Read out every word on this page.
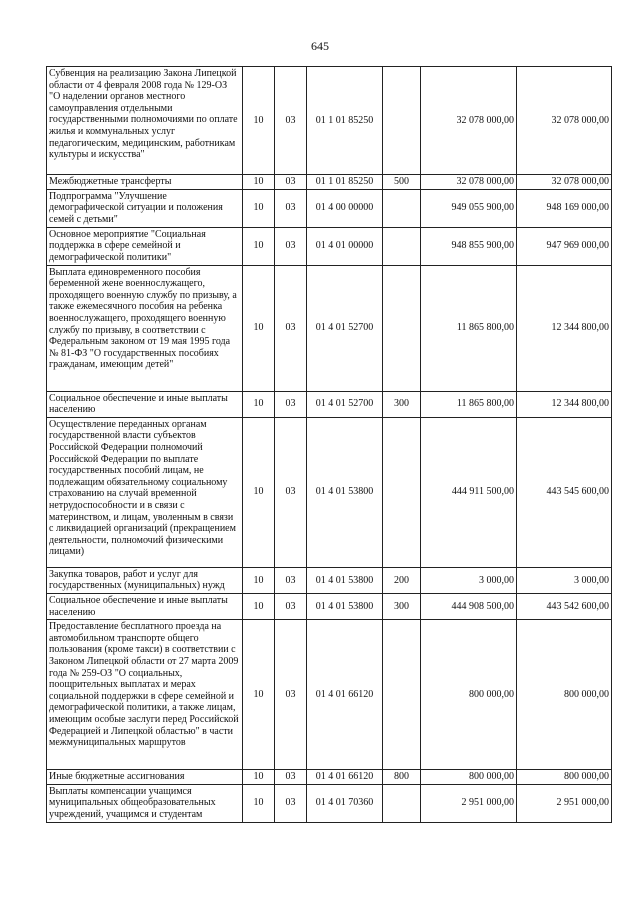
645
Субвенция на реализацию Закона Липецкой области от 4 февраля 2008 года № 129-ОЗ "О наделении органов местного самоуправления отдельными государственными полномочиями по оплате жилья и коммунальных услуг педагогическим, медицинским, работникам культуры и искусства"	10	03	01 1 01 85250		32 078 000,00	32 078 000,00
Межбюджетные трансферты	10	03	01 1 01 85250	500	32 078 000,00	32 078 000,00
Подпрограмма "Улучшение демографической ситуации и положения семей с детьми"	10	03	01 4 00 00000		949 055 900,00	948 169 000,00
Основное мероприятие "Социальная поддержка в сфере семейной и демографической политики"	10	03	01 4 01 00000		948 855 900,00	947 969 000,00
Выплата единовременного пособия беременной жене военнослужащего, проходящего военную службу по призыву, а также ежемесячного пособия на ребенка военнослужащего, проходящего военную службу по призыву, в соответствии с Федеральным законом от 19 мая 1995 года № 81-ФЗ "О государственных пособиях гражданам, имеющим детей"	10	03	01 4 01 52700		11 865 800,00	12 344 800,00
Социальное обеспечение и иные выплаты населению	10	03	01 4 01 52700	300	11 865 800,00	12 344 800,00
Осуществление переданных органам государственной власти субъектов Российской Федерации полномочий Российской Федерации по выплате государственных пособий лицам, не подлежащим обязательному социальному страхованию на случай временной нетрудоспособности и в связи с материнством, и лицам, уволенным в связи с ликвидацией организаций (прекращением деятельности, полномочий физическими лицами)	10	03	01 4 01 53800		444 911 500,00	443 545 600,00
Закупка товаров, работ и услуг для государственных (муниципальных) нужд	10	03	01 4 01 53800	200	3 000,00	3 000,00
Социальное обеспечение и иные выплаты населению	10	03	01 4 01 53800	300	444 908 500,00	443 542 600,00
Предоставление бесплатного проезда на автомобильном транспорте общего пользования (кроме такси) в соответствии с Законом Липецкой области от 27 марта 2009 года № 259-ОЗ "О социальных, поощрительных выплатах и мерах социальной поддержки в сфере семейной и демографической политики, а также лицам, имеющим особые заслуги перед Российской Федерацией и Липецкой областью" в части межмуниципальных маршрутов	10	03	01 4 01 66120		800 000,00	800 000,00
Иные бюджетные ассигнования	10	03	01 4 01 66120	800	800 000,00	800 000,00
Выплаты компенсации учащимся муниципальных общеобразовательных учреждений, учащимся и студентам	10	03	01 4 01 70360		2 951 000,00	2 951 000,00
